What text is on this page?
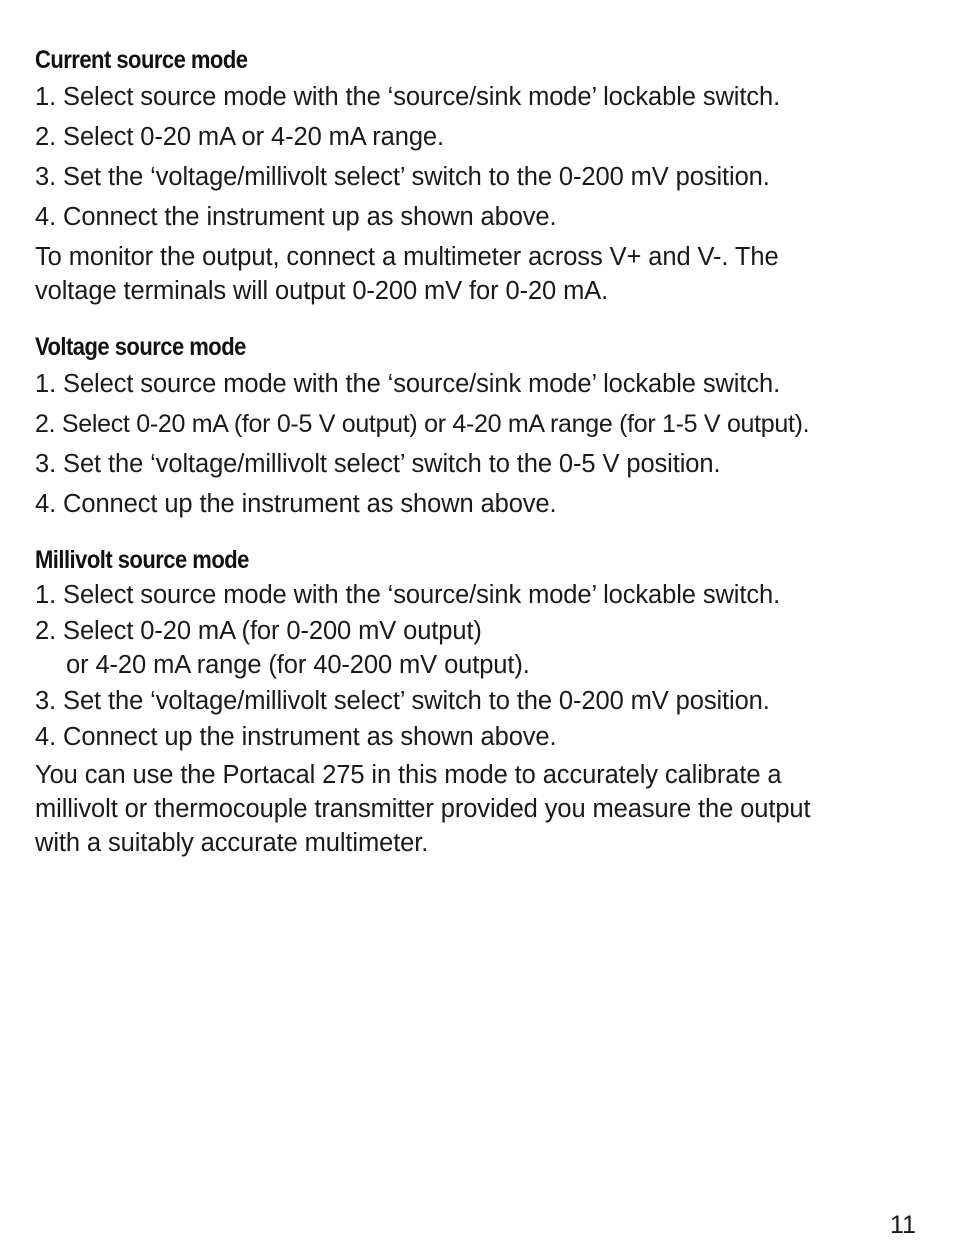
Current source mode

1. Select source mode with the ‘source/sink mode’ lockable switch.

2. Select 0-20 mA or 4-20 mA range.

3. Set the ‘voltage/millivolt select’ switch to the 0-200 mV position.

4. Connect the instrument up as shown above.

To monitor the output, connect a multimeter across V+ and V-. The

voltage terminals will output 0-200 mV for 0-20 mA.

Voltage source mode

1. Select source mode with the ‘source/sink mode’ lockable switch.

2. Select 0-20 mA (for 0-5 V output) or 4-20 mA range (for 1-5 V output).

3. Set the ‘voltage/millivolt select’ switch to the 0-5 V position.

4. Connect up the instrument as shown above.

Millivolt source mode

1. Select source mode with the ‘source/sink mode’ lockable switch.

2. Select 0-20 mA (for 0-200 mV output)

or 4-20 mA range (for 40-200 mV output).

3. Set the ‘voltage/millivolt select’ switch to the 0-200 mV position.

4. Connect up the instrument as shown above.

You can use the Portacal 275 in this mode to accurately calibrate a

millivolt or thermocouple transmitter provided you measure the output

with a suitably accurate multimeter.

11
